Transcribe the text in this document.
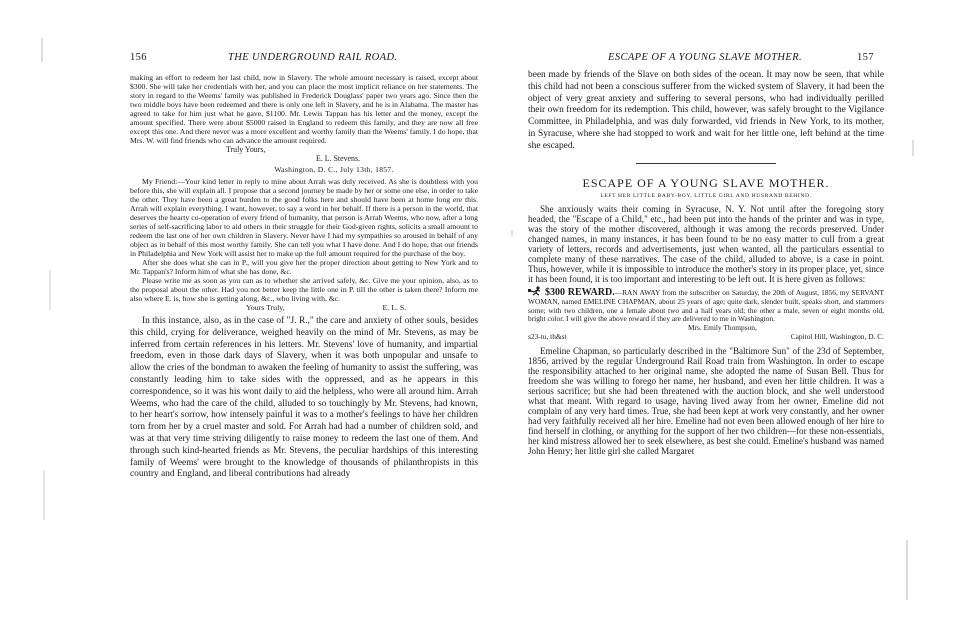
156	THE UNDERGROUND RAIL ROAD.	ESCAPE OF A YOUNG SLAVE MOTHER.	157

making an effort to redeem her last child, now in Slavery. The whole amount necessary is raised, except about $300. She will take her credentials with her, and you can place the most implicit reliance on her statements. The story in regard to the Weems' family was published in Frederick Douglass' paper two years ago. Since then the two middle boys have been redeemed and there is only one left in Slavery, and he is in Alabama. The master has agreed to take for him just what he gave, $1100. Mr. Lewis Tappan has his letter and the money, except the amount specified. There were about $5000 raised in England to redeem this family, and they are now all free except this one. And there never was a more excellent and worthy family than the Weems' family. I do hope, that Mrs. W. will find friends who can advance the amount required.

Truly Yours,
E. L. Stevens.
Washington, D. C., July 13th, 1857.

My Friend:—Your kind letter in reply to mine about Arrah was duly received. As she is doubtless with you before this, she will explain all. I propose that a second journey be made by her or some one else, in order to take the other. They have been a great burden to the good folks here and should have been at home long ere this. Arrah will explain everything. I want, however, to say a word in her behalf. If there is a person in the world, that deserves the hearty co-operation of every friend of humanity, that person is Arrah Weems, who now, after a long series of self-sacrificing labor to aid others in their struggle for their God-given rights, solicits a small amount to redeem the last one of her own children in Slavery. Never have I had my sympathies so aroused in behalf of any object as in behalf of this most worthy family. She can tell you what I have done. And I do hope, that our friends in Philadelphia and New York will assist her to make up the full amount required for the purchase of the boy.

After she does what she can in P., will you give her the proper direction about getting to New York and to Mr. Tappan's? Inform him of what she has done, &c.

Please write me as soon as you can as to whether she arrived safely, &c. Give me your opinion, also, as to the proposal about the other. Had you not better keep the little one in P. till the other is taken there? Inform me also where E. is, how she is getting along, &c., who living with, &c.

Yours Truly,	E. L. S.

In this instance, also, as in the case of "J. R.," the care and anxiety of other souls, besides this child, crying for deliverance, weighed heavily on the mind of Mr. Stevens, as may be inferred from certain references in his letters. Mr. Stevens' love of humanity, and impartial freedom, even in those dark days of Slavery, when it was both unpopular and unsafe to allow the cries of the bondman to awaken the feeling of humanity to assist the suffering, was constantly leading him to take sides with the oppressed, and as he appears in this correspondence, so it was his wont daily to aid the helpless, who were all around him. Arrah Weems, who had the care of the child, alluded to so touchingly by Mr. Stevens, had known, to her heart's sorrow, how intensely painful it was to a mother's feelings to have her children torn from her by a cruel master and sold. For Arrah had had a number of children sold, and was at that very time striving diligently to raise money to redeem the last one of them. And through such kind-hearted friends as Mr. Stevens, the peculiar hardships of this interesting family of Weems' were brought to the knowledge of thousands of philanthropists in this country and England, and liberal contributions had already

been made by friends of the Slave on both sides of the ocean. It may now be seen, that while this child had not been a conscious sufferer from the wicked system of Slavery, it had been the object of very great anxiety and suffering to several persons, who had individually perilled their own freedom for its redemption. This child, however, was safely brought to the Vigilance Committee, in Philadelphia, and was duly forwarded, vid friends in New York, to its mother, in Syracuse, where she had stopped to work and wait for her little one, left behind at the time she escaped.

ESCAPE OF A YOUNG SLAVE MOTHER.
LEFT HER LITTLE BABY-BOY, LITTLE GIRL AND HUSBAND BEHIND.

She anxiously waits their coming in Syracuse, N. Y. Not until after the foregoing story headed, the "Escape of a Child," etc., had been put into the hands of the printer and was in type, was the story of the mother discovered, although it was among the records preserved. Under changed names, in many instances, it has been found to be no easy matter to cull from a great variety of letters, records and advertisements, just when wanted, all the particulars essential to complete many of these narratives. The case of the child, alluded to above, is a case in point. Thus, however, while it is impossible to introduce the mother's story in its proper place, yet, since it has been found, it is too important and interesting to be left out. It is here given as follows:

$300 REWARD.—RAN AWAY from the subscriber on Saturday, the 20th of August, 1856, my SERVANT WOMAN, named EMELINE CHAPMAN, about 25 years of age; quite dark, slender built, speaks short, and stammers some; with two children, one a female about two and a half years old; the other a male, seven or eight months old, bright color. I will give the above reward if they are delivered to me in Washington.

Mrs. Emily Thompson,
s23-tu, th&st	Capitol Hill, Washington, D. C.

Emeline Chapman, so particularly described in the "Baltimore Sun" of the 23d of September, 1856, arrived by the regular Underground Rail Road train from Washington. In order to escape the responsibility attached to her original name, she adopted the name of Susan Bell. Thus for freedom she was willing to forego her name, her husband, and even her little children. It was a serious sacrifice; but she had been threatened with the auction block, and she well understood what that meant. With regard to usage, having lived away from her owner, Emeline did not complain of any very hard times. True, she had been kept at work very constantly, and her owner had very faithfully received all her hire. Emeline had not even been allowed enough of her hire to find herself in clothing, or anything for the support of her two children—for these non-essentials, her kind mistress allowed her to seek elsewhere, as best she could. Emeline's husband was named John Henry; her little girl she called Margaret
